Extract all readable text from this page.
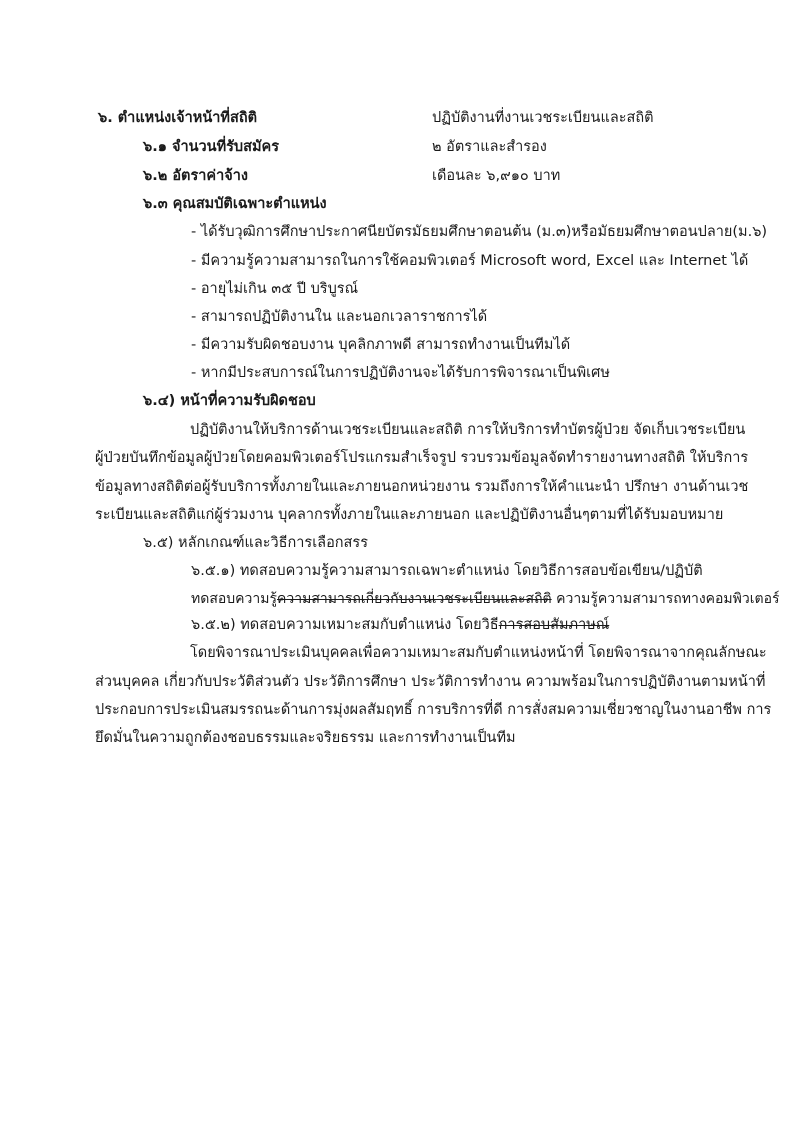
๖. ตำแหน่งเจ้าหน้าที่สถิติ	ปฏิบัติงานที่งานเวชระเบียนและสถิติ
๖.๑ จำนวนที่รับสมัคร	๒ อัตราและสำรอง
๖.๒ อัตราค่าจ้าง	เดือนละ ๖,๙๑๐ บาท
๖.๓ คุณสมบัติเฉพาะตำแหน่ง
- ได้รับวุฒิการศึกษาประกาศนียบัตรมัธยมศึกษาตอนต้น (ม.๓)หรือมัธยมศึกษาตอนปลาย(ม.๖)
- มีความรู้ความสามารถในการใช้คอมพิวเตอร์ Microsoft word, Excel และ Internet ได้
- อายุไม่เกิน ๓๕ ปี บริบูรณ์
- สามารถปฏิบัติงานใน และนอกเวลาราชการได้
- มีความรับผิดชอบงาน บุคลิกภาพดี สามารถทำงานเป็นทีมได้
- หากมีประสบการณ์ในการปฏิบัติงานจะได้รับการพิจารณาเป็นพิเศษ
๖.๔) หน้าที่ความรับผิดชอบ
ปฏิบัติงานให้บริการด้านเวชระเบียนและสถิติ การให้บริการทำบัตรผู้ป่วย จัดเก็บเวชระเบียน
ผู้ป่วยบันทึกข้อมูลผู้ป่วยโดยคอมพิวเตอร์โปรแกรมสำเร็จรูป รวบรวมข้อมูลจัดทำรายงานทางสถิติ ให้บริการ
ข้อมูลทางสถิติต่อผู้รับบริการทั้งภายในและภายนอกหน่วยงาน รวมถึงการให้คำแนะนำ ปรึกษา งานด้านเวช
ระเบียนและสถิติแก่ผู้ร่วมงาน บุคลากรทั้งภายในและภายนอก และปฏิบัติงานอื่นๆตามที่ได้รับมอบหมาย
๖.๕) หลักเกณฑ์และวิธีการเลือกสรร
๖.๕.๑) ทดสอบความรู้ความสามารถเฉพาะตำแหน่ง โดยวิธีการสอบข้อเขียน/ปฏิบัติ
ทดสอบความรู้ความสามารถเกี่ยวกับงานเวชระเบียนและสถิติ ความรู้ความสามารถทางคอมพิวเตอร์
๖.๕.๒) ทดสอบความเหมาะสมกับตำแหน่ง โดยวิธีการสอบสัมภาษณ์
โดยพิจารณาประเมินบุคคลเพื่อความเหมาะสมกับตำแหน่งหน้าที่ โดยพิจารณาจากคุณลักษณะ
ส่วนบุคคล เกี่ยวกับประวัติส่วนตัว ประวัติการศึกษา ประวัติการทำงาน ความพร้อมในการปฏิบัติงานตามหน้าที่
ประกอบการประเมินสมรรถนะด้านการมุ่งผลสัมฤทธิ์ การบริการที่ดี การสั่งสมความเชี่ยวชาญในงานอาชีพ การ
ยึดมั่นในความถูกต้องชอบธรรมและจริยธรรม และการทำงานเป็นทีม
